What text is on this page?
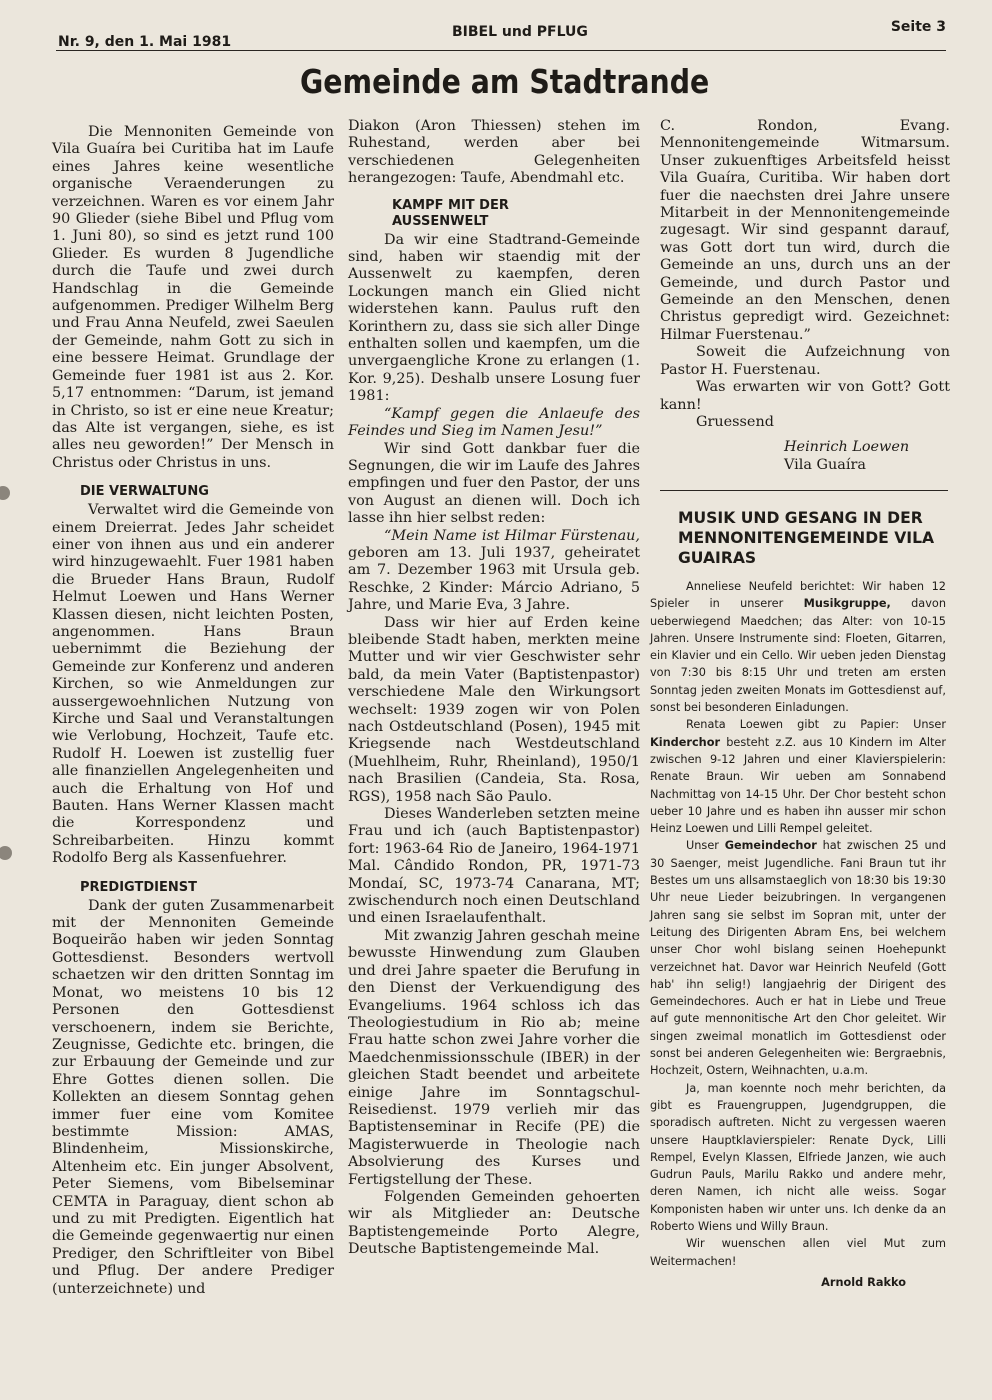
Nr. 9, den 1. Mai 1981
BIBEL und PFLUG	Seite 3
Gemeinde am Stadtrande

Die Mennoniten Gemeinde von Vila Guaíra bei Curitiba hat im Laufe eines Jahres keine wesentliche organische Veraenderungen zu verzeichnen. Waren es vor einem Jahr 90 Glieder (siehe Bibel und Pflug vom 1. Juni 80), so sind es jetzt rund 100 Glieder. Es wurden 8 Jugendliche durch die Taufe und zwei durch Handschlag in die Gemeinde aufgenommen. Prediger Wilhelm Berg und Frau Anna Neufeld, zwei Saeulen der Gemeinde, nahm Gott zu sich in eine bessere Heimat. Grundlage der Gemeinde fuer 1981 ist aus 2. Kor. 5,17 entnommen: “Darum, ist jemand in Christo, so ist er eine neue Kreatur; das Alte ist vergangen, siehe, es ist alles neu geworden!” Der Mensch in Christus oder Christus in uns.

DIE VERWALTUNG

Verwaltet wird die Gemeinde von einem Dreierrat. Jedes Jahr scheidet einer von ihnen aus und ein anderer wird hinzugewaehlt. Fuer 1981 haben die Brueder Hans Braun, Rudolf Helmut Loewen und Hans Werner Klassen diesen, nicht leichten Posten, angenommen. Hans Braun uebernimmt die Beziehung der Gemeinde zur Konferenz und anderen Kirchen, so wie Anmeldungen zur aussergewoehnlichen Nutzung von Kirche und Saal und Veranstaltungen wie Verlobung, Hochzeit, Taufe etc. Rudolf H. Loewen ist zustellig fuer alle finanziellen Angelegenheiten und auch die Erhaltung von Hof und Bauten. Hans Werner Klassen macht die Korrespondenz und Schreibarbeiten. Hinzu kommt Rodolfo Berg als Kassenfuehrer.

PREDIGTDIENST

Dank der guten Zusammenarbeit mit der Mennoniten Gemeinde Boqueirão haben wir jeden Sonntag Gottesdienst. Besonders wertvoll schaetzen wir den dritten Sonntag im Monat, wo meistens 10 bis 12 Personen den Gottesdienst verschoenern, indem sie Berichte, Zeugnisse, Gedichte etc. bringen, die zur Erbauung der Gemeinde und zur Ehre Gottes dienen sollen. Die Kollekten an diesem Sonntag gehen immer fuer eine vom Komitee bestimmte Mission: AMAS, Blindenheim, Missionskirche, Altenheim etc. Ein junger Absolvent, Peter Siemens, vom Bibelseminar CEMTA in Paraguay, dient schon ab und zu mit Predigten. Eigentlich hat die Gemeinde gegenwaertig nur einen Prediger, den Schriftleiter von Bibel und Pflug. Der andere Prediger (unterzeichnete) und

Diakon (Aron Thiessen) stehen im Ruhestand, werden aber bei verschiedenen Gelegenheiten herangezogen: Taufe, Abendmahl etc.

KAMPF MIT DER
AUSSENWELT

Da wir eine Stadtrand-Gemeinde sind, haben wir staendig mit der Aussenwelt zu kaempfen, deren Lockungen manch ein Glied nicht widerstehen kann. Paulus ruft den Korinthern zu, dass sie sich aller Dinge enthalten sollen und kaempfen, um die unvergaengliche Krone zu erlangen (1. Kor. 9,25). Deshalb unsere Losung fuer 1981:

“Kampf gegen die Anlaeufe des Feindes und Sieg im Namen Jesu!”

Wir sind Gott dankbar fuer die Segnungen, die wir im Laufe des Jahres empfingen und fuer den Pastor, der uns von August an dienen will. Doch ich lasse ihn hier selbst reden:

“Mein Name ist Hilmar Fürstenau, geboren am 13. Juli 1937, geheiratet am 7. Dezember 1963 mit Ursula geb. Reschke, 2 Kinder: Márcio Adriano, 5 Jahre, und Marie Eva, 3 Jahre.

Dass wir hier auf Erden keine bleibende Stadt haben, merkten meine Mutter und wir vier Geschwister sehr bald, da mein Vater (Baptistenpastor) verschiedene Male den Wirkungsort wechselt: 1939 zogen wir von Polen nach Ostdeutschland (Posen), 1945 mit Kriegsende nach Westdeutschland (Muehlheim, Ruhr, Rheinland), 1950/1 nach Brasilien (Candeia, Sta. Rosa, RGS), 1958 nach São Paulo.

Dieses Wanderleben setzten meine Frau und ich (auch Baptistenpastor) fort: 1963-64 Rio de Janeiro, 1964-1971 Mal. Cândido Rondon, PR, 1971-73 Mondaí, SC, 1973-74 Canarana, MT; zwischendurch noch einen Deutschland und einen Israelaufenthalt.

Mit zwanzig Jahren geschah meine bewusste Hinwendung zum Glauben und drei Jahre spaeter die Berufung in den Dienst der Verkuendigung des Evangeliums. 1964 schloss ich das Theologiestudium in Rio ab; meine Frau hatte schon zwei Jahre vorher die Maedchenmissionsschule (IBER) in der gleichen Stadt beendet und arbeitete einige Jahre im Sonntagschul-Reisedienst. 1979 verlieh mir das Baptistenseminar in Recife (PE) die Magisterwuerde in Theologie nach Absolvierung des Kurses und Fertigstellung der These.

Folgenden Gemeinden gehoerten wir als Mitglieder an: Deutsche Baptistengemeinde Porto Alegre, Deutsche Baptistengemeinde Mal.

C. Rondon, Evang. Mennonitengemeinde Witmarsum. Unser zukuenftiges Arbeitsfeld heisst Vila Guaíra, Curitiba. Wir haben dort fuer die naechsten drei Jahre unsere Mitarbeit in der Mennonitengemeinde zugesagt. Wir sind gespannt darauf, was Gott dort tun wird, durch die Gemeinde an uns, durch uns an der Gemeinde, und durch Pastor und Gemeinde an den Menschen, denen Christus gepredigt wird. Gezeichnet: Hilmar Fuerstenau.”

Soweit die Aufzeichnung von Pastor H. Fuerstenau.

Was erwarten wir von Gott? Gott kann!

Gruessend
Heinrich Loewen
Vila Guaíra
MUSIK UND GESANG IN DER MENNONITENGEMEINDE VILA GUAIRAS

Anneliese Neufeld berichtet: Wir haben 12 Spieler in unserer Musikgruppe, davon ueberwiegend Maedchen; das Alter: von 10-15 Jahren. Unsere Instrumente sind: Floeten, Gitarren, ein Klavier und ein Cello. Wir ueben jeden Dienstag von 7:30 bis 8:15 Uhr und treten am ersten Sonntag jeden zweiten Monats im Gottesdienst auf, sonst bei besonderen Einladungen.

Renata Loewen gibt zu Papier: Unser Kinderchor besteht z.Z. aus 10 Kindern im Alter zwischen 9-12 Jahren und einer Klavierspielerin: Renate Braun. Wir ueben am Sonnabend Nachmittag von 14-15 Uhr. Der Chor besteht schon ueber 10 Jahre und es haben ihn ausser mir schon Heinz Loewen und Lilli Rempel geleitet.

Unser Gemeindechor hat zwischen 25 und 30 Saenger, meist Jugendliche. Fani Braun tut ihr Bestes um uns allsamstaeglich von 18:30 bis 19:30 Uhr neue Lieder beizubringen. In vergangenen Jahren sang sie selbst im Sopran mit, unter der Leitung des Dirigenten Abram Ens, bei welchem unser Chor wohl bislang seinen Hoehepunkt verzeichnet hat. Davor war Heinrich Neufeld (Gott hab' ihn selig!) langjaehrig der Dirigent des Gemeindechores. Auch er hat in Liebe und Treue auf gute mennonitische Art den Chor geleitet. Wir singen zweimal monatlich im Gottesdienst oder sonst bei anderen Gelegenheiten wie: Bergraebnis, Hochzeit, Ostern, Weihnachten, u.a.m.

Ja, man koennte noch mehr berichten, da gibt es Frauengruppen, Jugendgruppen, die sporadisch auftreten. Nicht zu vergessen waeren unsere Hauptklavierspieler: Renate Dyck, Lilli Rempel, Evelyn Klassen, Elfriede Janzen, wie auch Gudrun Pauls, Marilu Rakko und andere mehr, deren Namen, ich nicht alle weiss. Sogar Komponisten haben wir unter uns. Ich denke da an Roberto Wiens und Willy Braun.

Wir wuenschen allen viel Mut zum Weitermachen!

Arnold Rakko
